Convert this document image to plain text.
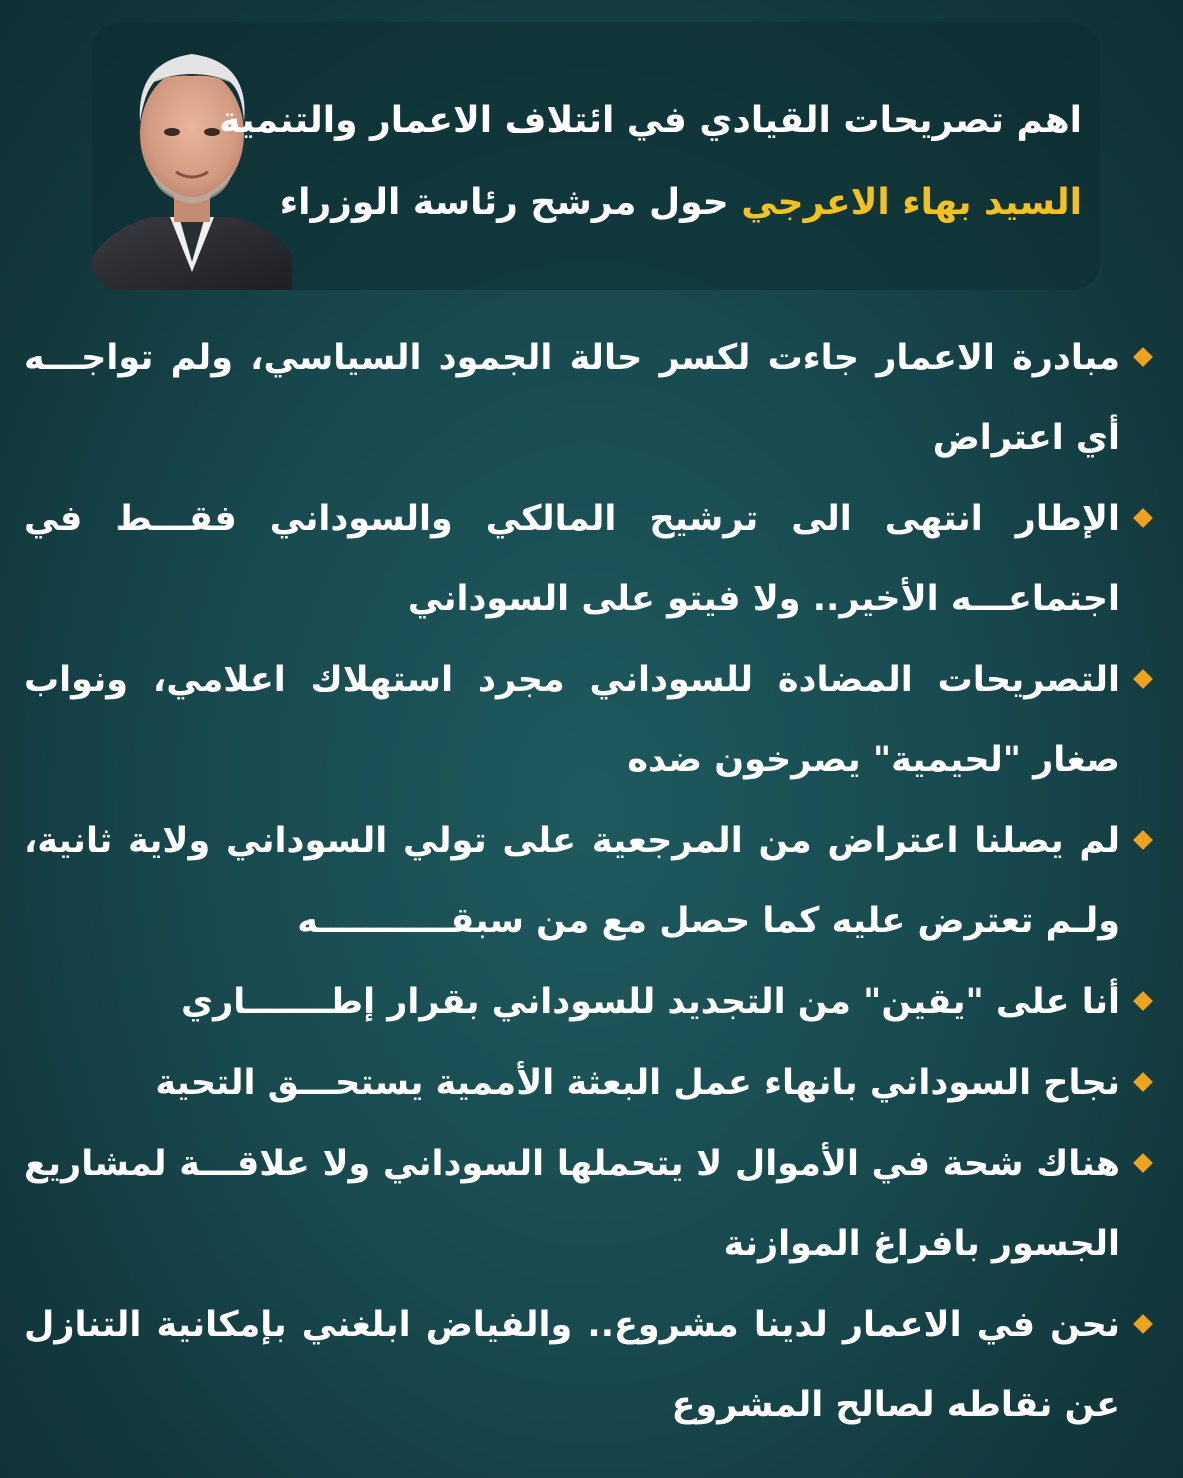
اهم تصريحات القيادي في ائتلاف الاعمار والتنمية
السيد بهاء الاعرجي حول مرشح رئاسة الوزراء
مبادرة الاعمار جاءت لكسر حالة الجمود السياسي، ولم تواجـــه أي اعتراض
الإطار انتهى الى ترشيح المالكي والسوداني فقـــط في اجتماعـــه الأخير.. ولا فيتو على السوداني
التصريحات المضادة للسوداني مجرد استهلاك اعلامي، ونواب صغار "لحيمية" يصرخون ضده
لم يصلنا اعتراض من المرجعية على تولي السوداني ولاية ثانية، ولـم تعترض عليه كما حصل مع من سبقـــــــــــه
أنا على "يقين" من التجديد للسوداني بقرار إطـــــــاري
نجاح السوداني بانهاء عمل البعثة الأممية يستحـــق التحية
هناك شحة في الأموال لا يتحملها السوداني ولا علاقـــة لمشاريع الجسور بافراغ الموازنة
نحن في الاعمار لدينا مشروع.. والفياض ابلغني بإمكانية التنازل عن نقاطه لصالح المشروع
